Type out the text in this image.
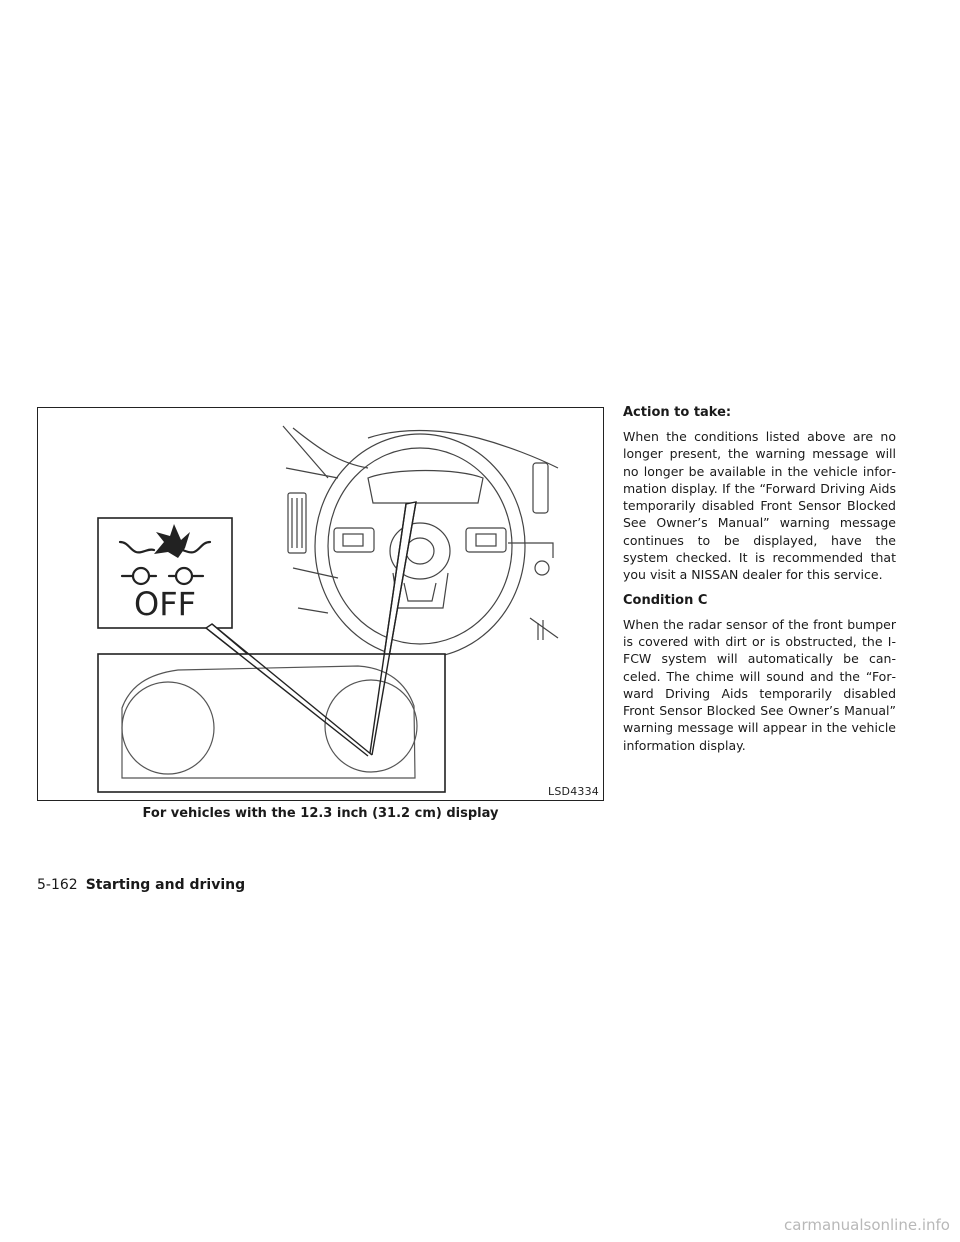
OFF
LSD4334
For vehicles with the 12.3 inch (31.2 cm) display
Action to take:

When the conditions listed above are no longer present, the warning message will no longer be available in the vehicle information display. If the “Forward Driving Aids temporarily disabled Front Sensor Blocked See Owner’s Manual” warning message continues to be displayed, have the system checked. It is recommended that you visit a NISSAN dealer for this service.

Condition C

When the radar sensor of the front bumper is covered with dirt or is obstructed, the I-FCW system will automatically be canceled. The chime will sound and the “Forward Driving Aids temporarily disabled Front Sensor Blocked See Owner’s Manual” warning message will appear in the vehicle information display.

5-162 Starting and driving
carmanualsonline.info
